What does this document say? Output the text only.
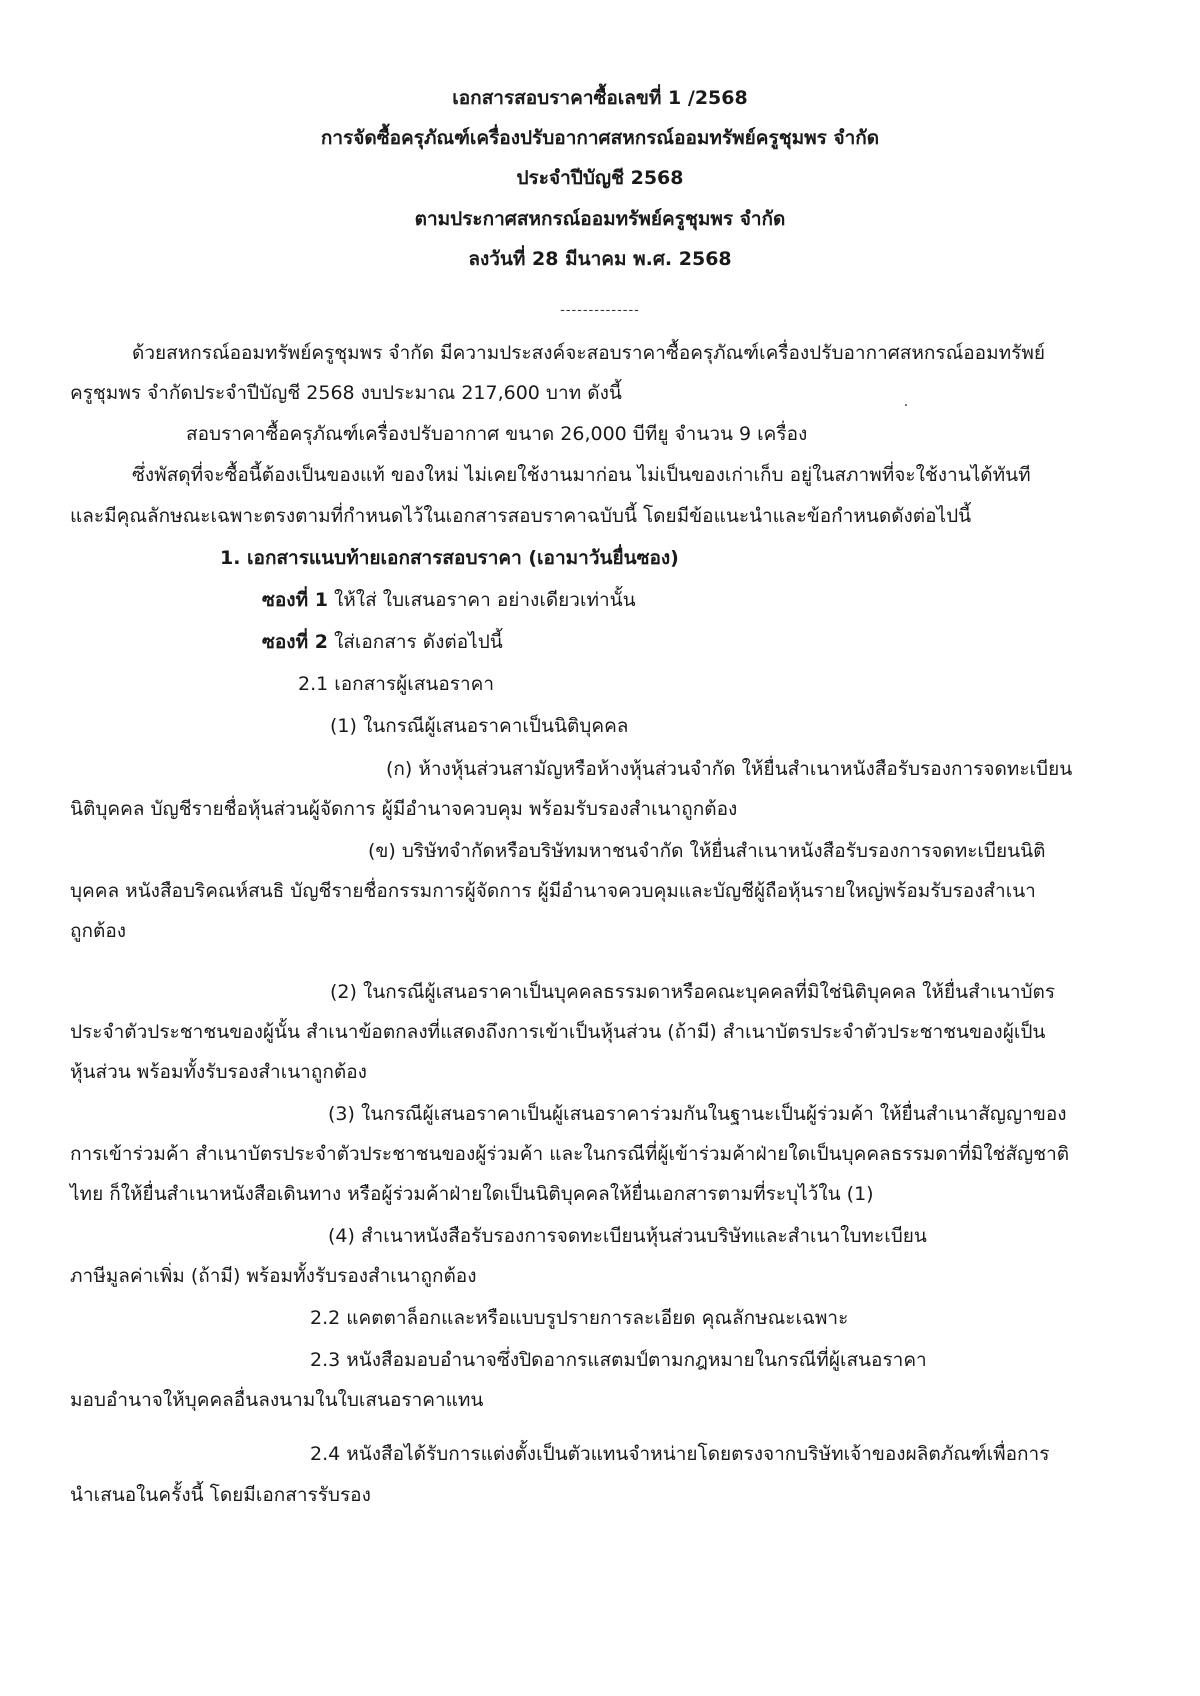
เอกสารสอบราคาซื้อเลขที่ 1 /2568
การจัดซื้อครุภัณฑ์เครื่องปรับอากาศสหกรณ์ออมทรัพย์ครูชุมพร จำกัด
ประจำปีบัญชี 2568
ตามประกาศสหกรณ์ออมทรัพย์ครูชุมพร จำกัด
ลงวันที่ 28 มีนาคม พ.ศ. 2568
--------------
ด้วยสหกรณ์ออมทรัพย์ครูชุมพร จำกัด มีความประสงค์จะสอบราคาซื้อครุภัณฑ์เครื่องปรับอากาศสหกรณ์ออมทรัพย์
ครูชุมพร จำกัดประจำปีบัญชี 2568 งบประมาณ 217,600 บาท ดังนี้
สอบราคาซื้อครุภัณฑ์เครื่องปรับอากาศ ขนาด 26,000 บีทียู จำนวน 9 เครื่อง
ซึ่งพัสดุที่จะซื้อนี้ต้องเป็นของแท้ ของใหม่ ไม่เคยใช้งานมาก่อน ไม่เป็นของเก่าเก็บ อยู่ในสภาพที่จะใช้งานได้ทันที
และมีคุณลักษณะเฉพาะตรงตามที่กำหนดไว้ในเอกสารสอบราคาฉบับนี้ โดยมีข้อแนะนำและข้อกำหนดดังต่อไปนี้
1. เอกสารแนบท้ายเอกสารสอบราคา (เอามาวันยื่นซอง)
ซองที่ 1 ให้ใส่ ใบเสนอราคา อย่างเดียวเท่านั้น
ซองที่ 2 ใส่เอกสาร ดังต่อไปนี้
2.1 เอกสารผู้เสนอราคา
(1) ในกรณีผู้เสนอราคาเป็นนิติบุคคล
(ก) ห้างหุ้นส่วนสามัญหรือห้างหุ้นส่วนจำกัด ให้ยื่นสำเนาหนังสือรับรองการจดทะเบียน
นิติบุคคล บัญชีรายชื่อหุ้นส่วนผู้จัดการ ผู้มีอำนาจควบคุม พร้อมรับรองสำเนาถูกต้อง
(ข) บริษัทจำกัดหรือบริษัทมหาชนจำกัด ให้ยื่นสำเนาหนังสือรับรองการจดทะเบียนนิติ
บุคคล หนังสือบริคณห์สนธิ บัญชีรายชื่อกรรมการผู้จัดการ ผู้มีอำนาจควบคุมและบัญชีผู้ถือหุ้นรายใหญ่พร้อมรับรองสำเนา
ถูกต้อง
(2) ในกรณีผู้เสนอราคาเป็นบุคคลธรรมดาหรือคณะบุคคลที่มิใช่นิติบุคคล ให้ยื่นสำเนาบัตร
ประจำตัวประชาชนของผู้นั้น สำเนาข้อตกลงที่แสดงถึงการเข้าเป็นหุ้นส่วน (ถ้ามี) สำเนาบัตรประจำตัวประชาชนของผู้เป็น
หุ้นส่วน พร้อมทั้งรับรองสำเนาถูกต้อง
(3) ในกรณีผู้เสนอราคาเป็นผู้เสนอราคาร่วมกันในฐานะเป็นผู้ร่วมค้า ให้ยื่นสำเนาสัญญาของ
การเข้าร่วมค้า สำเนาบัตรประจำตัวประชาชนของผู้ร่วมค้า และในกรณีที่ผู้เข้าร่วมค้าฝ่ายใดเป็นบุคคลธรรมดาที่มิใช่สัญชาติ
ไทย ก็ให้ยื่นสำเนาหนังสือเดินทาง หรือผู้ร่วมค้าฝ่ายใดเป็นนิติบุคคลให้ยื่นเอกสารตามที่ระบุไว้ใน (1)
(4) สำเนาหนังสือรับรองการจดทะเบียนหุ้นส่วนบริษัทและสำเนาใบทะเบียน
ภาษีมูลค่าเพิ่ม (ถ้ามี) พร้อมทั้งรับรองสำเนาถูกต้อง
2.2 แคตตาล็อกและหรือแบบรูปรายการละเอียด คุณลักษณะเฉพาะ
2.3 หนังสือมอบอำนาจซึ่งปิดอากรแสตมป์ตามกฎหมายในกรณีที่ผู้เสนอราคา
มอบอำนาจให้บุคคลอื่นลงนามในใบเสนอราคาแทน
2.4 หนังสือได้รับการแต่งตั้งเป็นตัวแทนจำหน่ายโดยตรงจากบริษัทเจ้าของผลิตภัณฑ์เพื่อการ
นำเสนอในครั้งนี้ โดยมีเอกสารรับรอง
